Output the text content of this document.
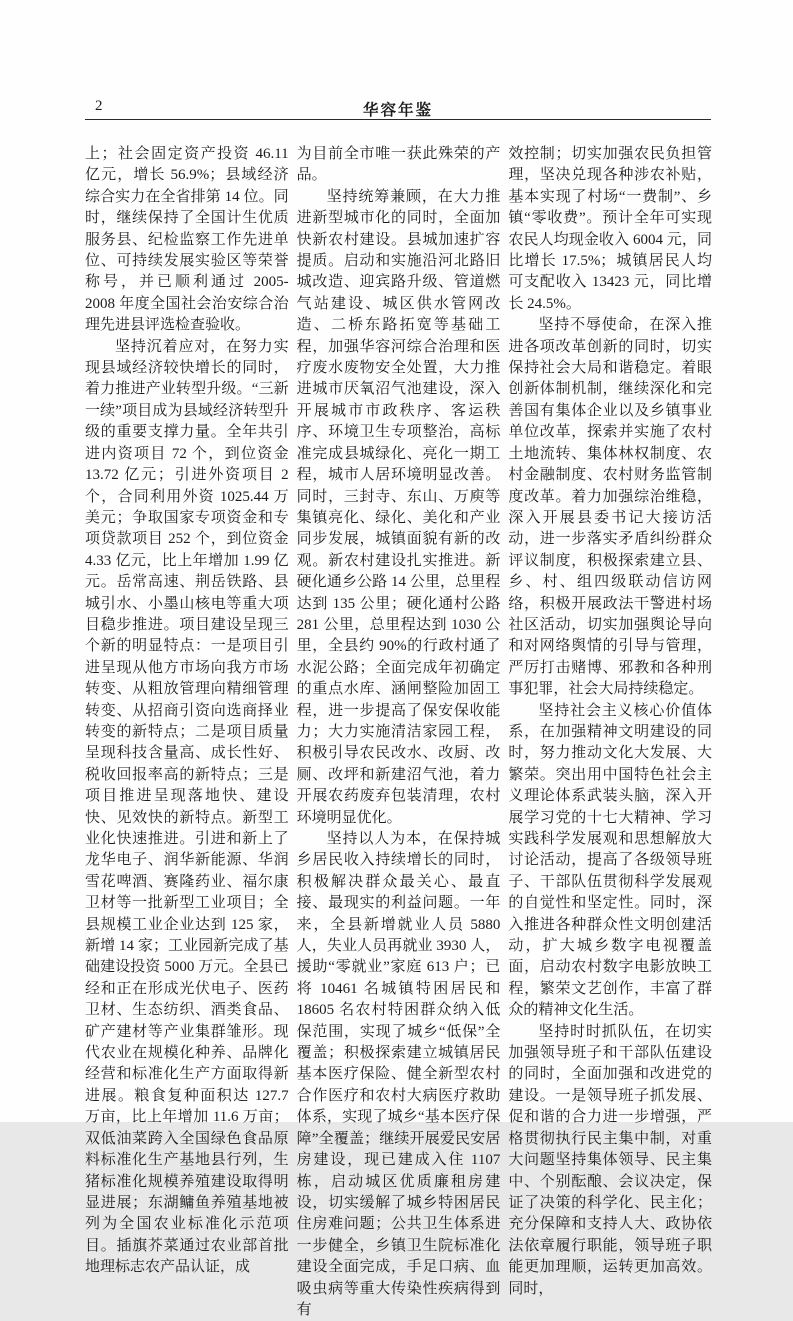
2	华容年鉴

上；社会固定资产投资 46.11 亿元，增长 56.9%；县域经济综合实力在全省排第 14 位。同时，继续保持了全国计生优质服务县、纪检监察工作先进单位、可持续发展实验区等荣誉称号，并已顺利通过 2005-2008 年度全国社会治安综合治理先进县评选检查验收。

坚持沉着应对，在努力实现县域经济较快增长的同时，着力推进产业转型升级。“三新一续”项目成为县域经济转型升级的重要支撑力量。全年共引进内资项目 72 个，到位资金 13.72 亿元；引进外资项目 2 个，合同利用外资 1025.44 万美元；争取国家专项资金和专项贷款项目 252 个，到位资金 4.33 亿元，比上年增加 1.99 亿元。岳常高速、荆岳铁路、县城引水、小墨山核电等重大项目稳步推进。项目建设呈现三个新的明显特点：一是项目引进呈现从他方市场向我方市场转变、从粗放管理向精细管理转变、从招商引资向选商择业转变的新特点；二是项目质量呈现科技含量高、成长性好、税收回报率高的新特点；三是项目推进呈现落地快、建设快、见效快的新特点。新型工业化快速推进。引进和新上了龙华电子、润华新能源、华润雪花啤酒、赛隆药业、福尔康卫材等一批新型工业项目；全县规模工业企业达到 125 家，新增 14 家；工业园新完成了基础建设投资 5000 万元。全县已经和正在形成光伏电子、医药卫材、生态纺织、酒类食品、矿产建材等产业集群雏形。现代农业在规模化种养、品牌化经营和标准化生产方面取得新进展。粮食复种面积达 127.7 万亩，比上年增加 11.6 万亩；双低油菜跨入全国绿色食品原料标准化生产基地县行列，生猪标准化规模养殖建设取得明显进展；东湖鳙鱼养殖基地被列为全国农业标准化示范项目。插旗芥菜通过农业部首批地理标志农产品认证，成

为目前全市唯一获此殊荣的产品。

坚持统筹兼顾，在大力推进新型城市化的同时，全面加快新农村建设。县城加速扩容提质。启动和实施沿河北路旧城改造、迎宾路升级、管道燃气站建设、城区供水管网改造、二桥东路拓宽等基础工程，加强华容河综合治理和医疗废水废物安全处置，大力推进城市厌氧沼气池建设，深入开展城市市政秩序、客运秩序、环境卫生专项整治，高标准完成县城绿化、亮化一期工程，城市人居环境明显改善。同时，三封寺、东山、万庾等集镇亮化、绿化、美化和产业同步发展，城镇面貌有新的改观。新农村建设扎实推进。新硬化通乡公路 14 公里，总里程达到 135 公里；硬化通村公路 281 公里，总里程达到 1030 公里，全县约 90%的行政村通了水泥公路；全面完成年初确定的重点水库、涵闸整险加固工程，进一步提高了保安保收能力；大力实施清洁家园工程，积极引导农民改水、改厨、改厕、改坪和新建沼气池，着力开展农药废弃包装清理，农村环境明显优化。

坚持以人为本，在保持城乡居民收入持续增长的同时，积极解决群众最关心、最直接、最现实的利益问题。一年来，全县新增就业人员 5880 人，失业人员再就业 3930 人，援助“零就业”家庭 613 户；已将 10461 名城镇特困居民和 18605 名农村特困群众纳入低保范围，实现了城乡“低保”全覆盖；积极探索建立城镇居民基本医疗保险、健全新型农村合作医疗和农村大病医疗救助体系，实现了城乡“基本医疗保障”全覆盖；继续开展爱民安居房建设，现已建成入住 1107 栋，启动城区优质廉租房建设，切实缓解了城乡特困居民住房难问题；公共卫生体系进一步健全，乡镇卫生院标准化建设全面完成，手足口病、血吸虫病等重大传染性疾病得到有

效控制；切实加强农民负担管理，坚决兑现各种涉农补贴，基本实现了村场“一费制”、乡镇“零收费”。预计全年可实现农民人均现金收入 6004 元，同比增长 17.5%；城镇居民人均可支配收入 13423 元，同比增长 24.5%。

坚持不辱使命，在深入推进各项改革创新的同时，切实保持社会大局和谐稳定。着眼创新体制机制，继续深化和完善国有集体企业以及乡镇事业单位改革，探索并实施了农村土地流转、集体林权制度、农村金融制度、农村财务监管制度改革。着力加强综治维稳，深入开展县委书记大接访活动，进一步落实矛盾纠纷群众评议制度，积极探索建立县、乡、村、组四级联动信访网络，积极开展政法干警进村场社区活动，切实加强舆论导向和对网络舆情的引导与管理，严厉打击赌博、邪教和各种刑事犯罪，社会大局持续稳定。

坚持社会主义核心价值体系，在加强精神文明建设的同时，努力推动文化大发展、大繁荣。突出用中国特色社会主义理论体系武装头脑，深入开展学习党的十七大精神、学习实践科学发展观和思想解放大讨论活动，提高了各级领导班子、干部队伍贯彻科学发展观的自觉性和坚定性。同时，深入推进各种群众性文明创建活动，扩大城乡数字电视覆盖面，启动农村数字电影放映工程，繁荣文艺创作，丰富了群众的精神文化生活。

坚持时时抓队伍，在切实加强领导班子和干部队伍建设的同时，全面加强和改进党的建设。一是领导班子抓发展、促和谐的合力进一步增强，严格贯彻执行民主集中制，对重大问题坚持集体领导、民主集中、个别酝酿、会议决定，保证了决策的科学化、民主化；充分保障和支持人大、政协依法依章履行职能，领导班子职能更加理顺，运转更加高效。同时，
